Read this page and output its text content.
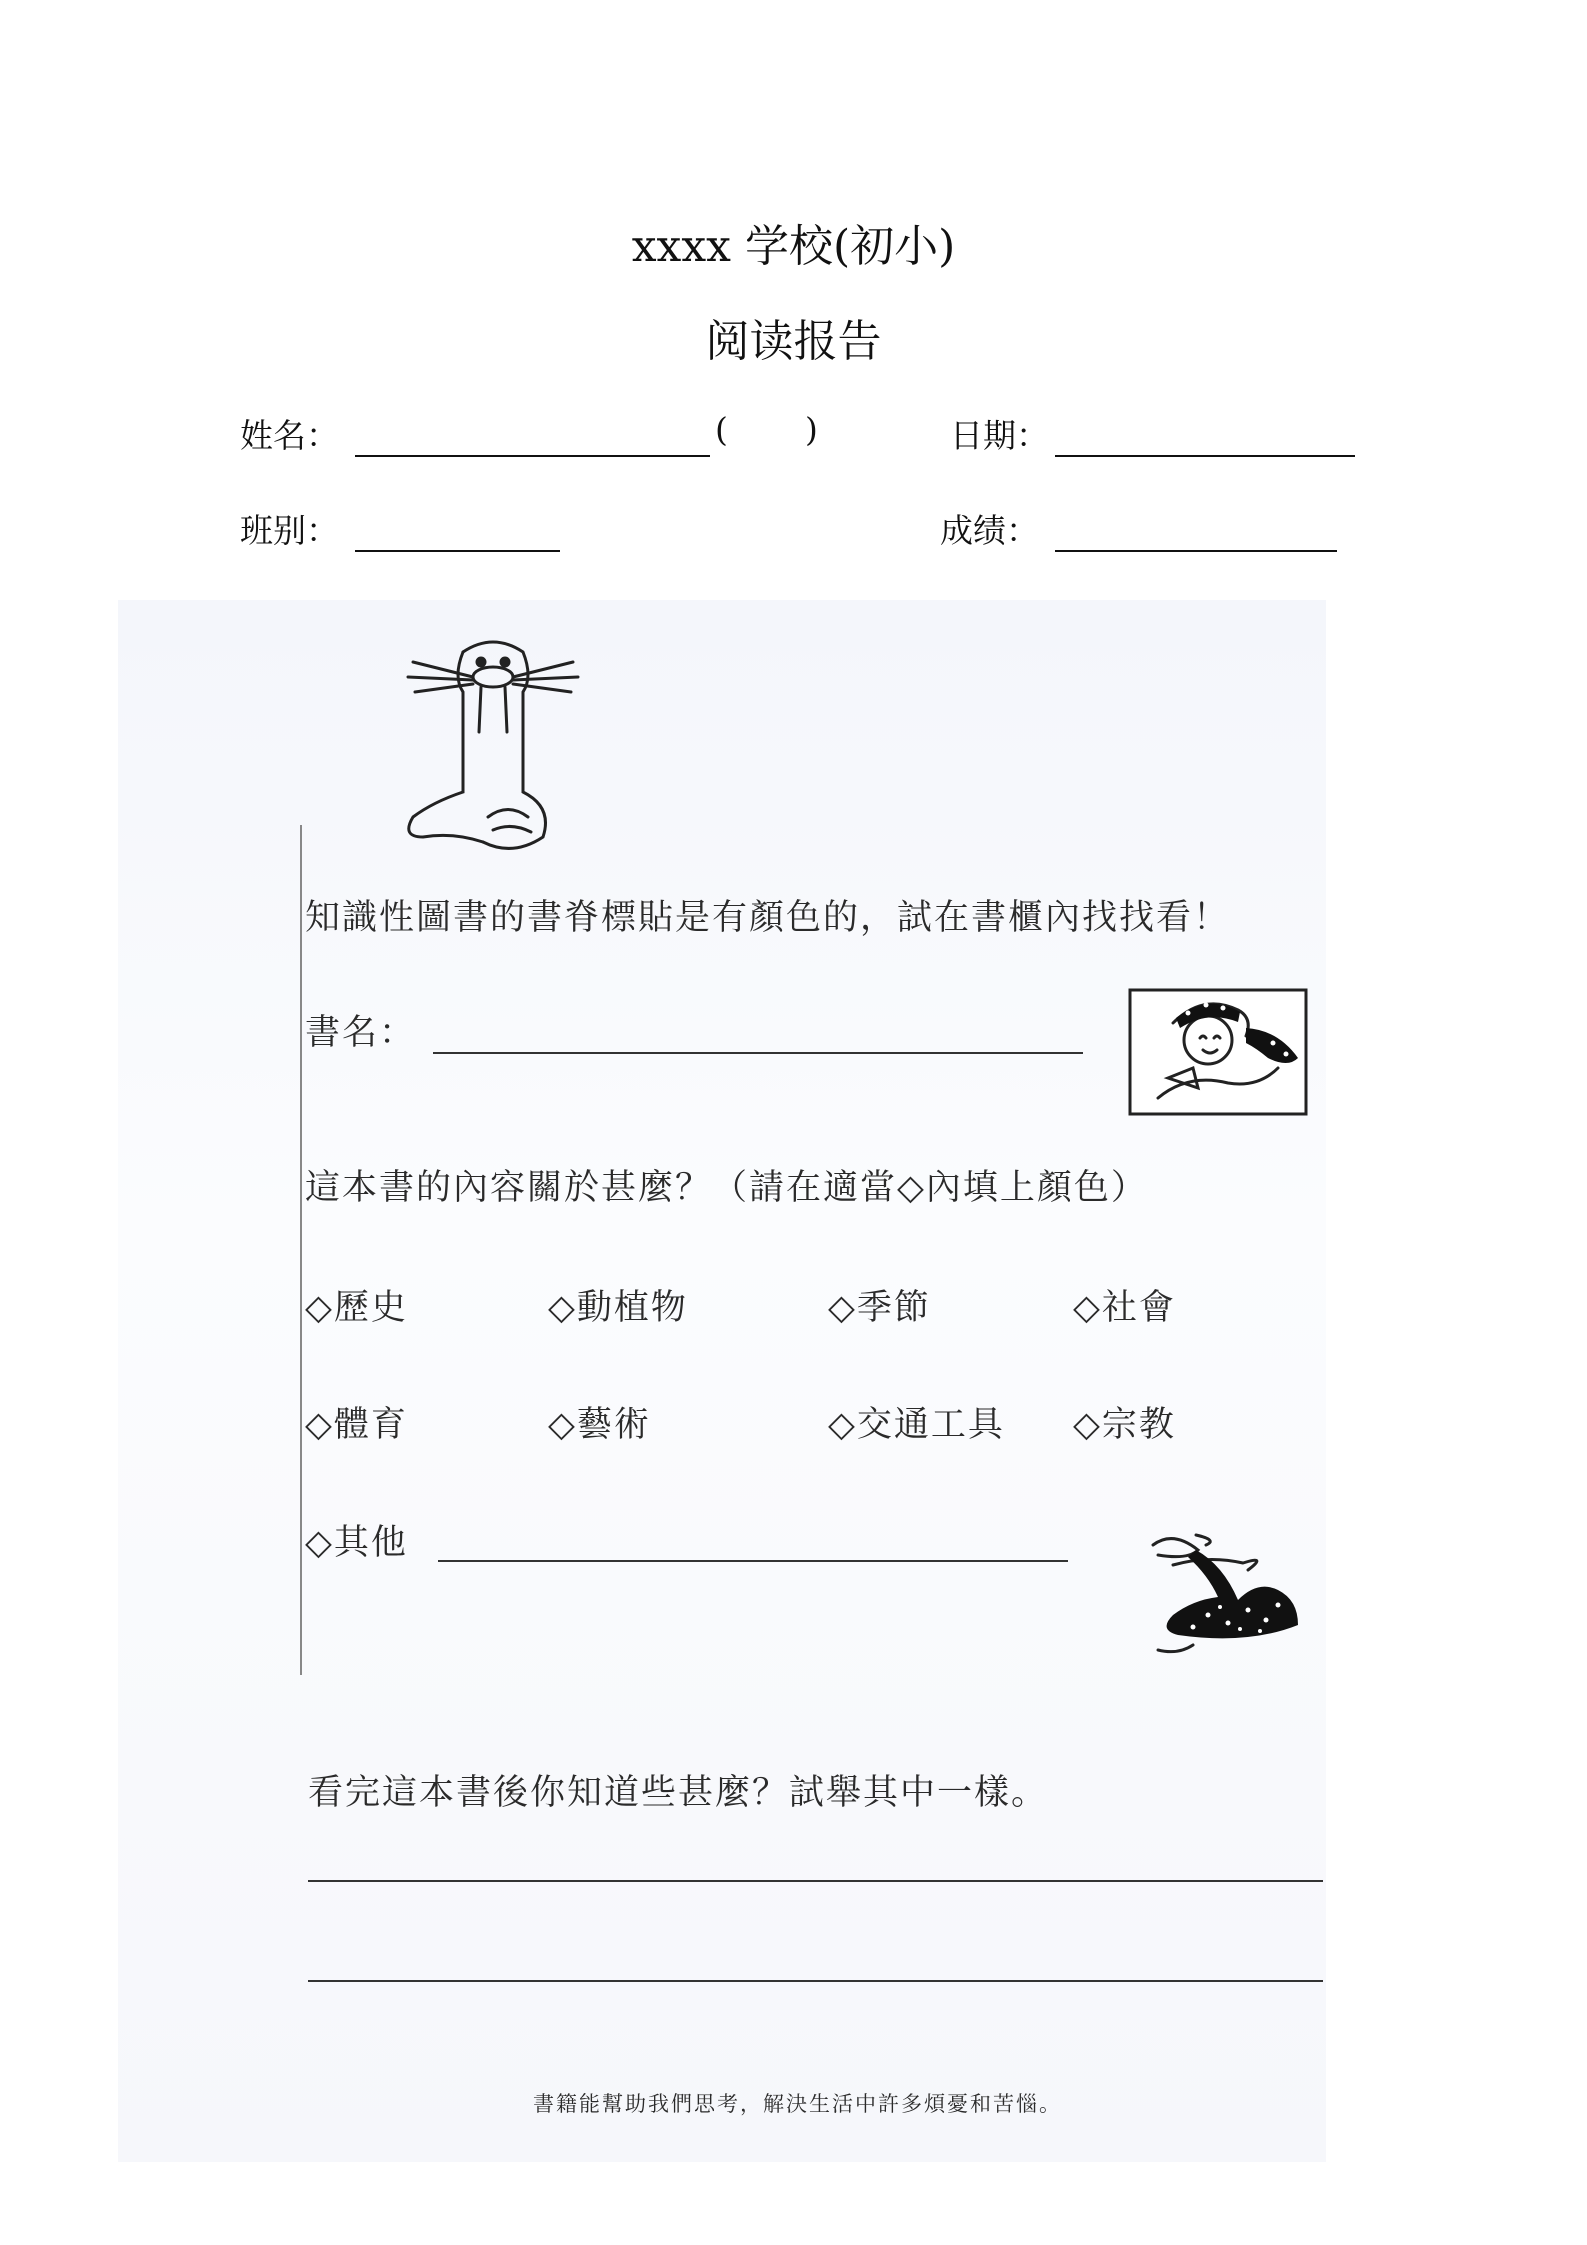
xxxx 学校(初小)
阅读报告
姓名：	( )	日期：
班别：	成绩：
知識性圖書的書脊標貼是有顏色的，試在書櫃內找找看！
書名：
這本書的內容關於甚麼？（請在適當◇內填上顏色）
◇歷史	◇動植物	◇季節	◇社會
◇體育	◇藝術	◇交通工具 ◇宗教
◇其他
看完這本書後你知道些甚麼？試舉其中一樣。
書籍能幫助我們思考，解決生活中許多煩憂和苦惱。
